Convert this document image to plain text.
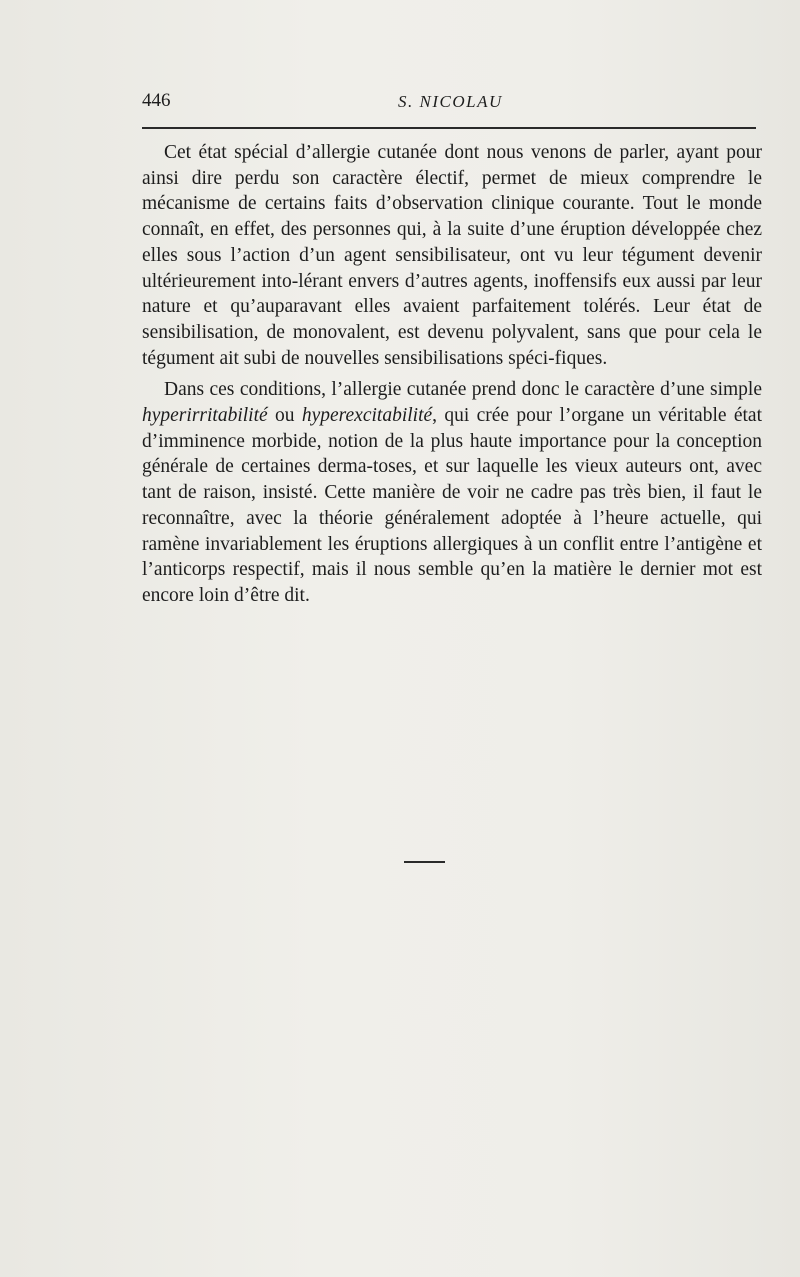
446	S. NICOLAU

Cet état spécial d’allergie cutanée dont nous venons de parler, ayant pour ainsi dire perdu son caractère électif, permet de mieux comprendre le mécanisme de certains faits d’observation clinique courante. Tout le monde connaît, en effet, des personnes qui, à la suite d’une éruption développée chez elles sous l’action d’un agent sensibilisateur, ont vu leur tégument devenir ultérieurement into-lérant envers d’autres agents, inoffensifs eux aussi par leur nature et qu’auparavant elles avaient parfaitement tolérés. Leur état de sensibilisation, de monovalent, est devenu polyvalent, sans que pour cela le tégument ait subi de nouvelles sensibilisations spéci-fiques.

Dans ces conditions, l’allergie cutanée prend donc le caractère d’une simple hyperirritabilité ou hyperexcitabilité, qui crée pour l’organe un véritable état d’imminence morbide, notion de la plus haute importance pour la conception générale de certaines derma-toses, et sur laquelle les vieux auteurs ont, avec tant de raison, insisté. Cette manière de voir ne cadre pas très bien, il faut le reconnaître, avec la théorie généralement adoptée à l’heure actuelle, qui ramène invariablement les éruptions allergiques à un conflit entre l’antigène et l’anticorps respectif, mais il nous semble qu’en la matière le dernier mot est encore loin d’être dit.
